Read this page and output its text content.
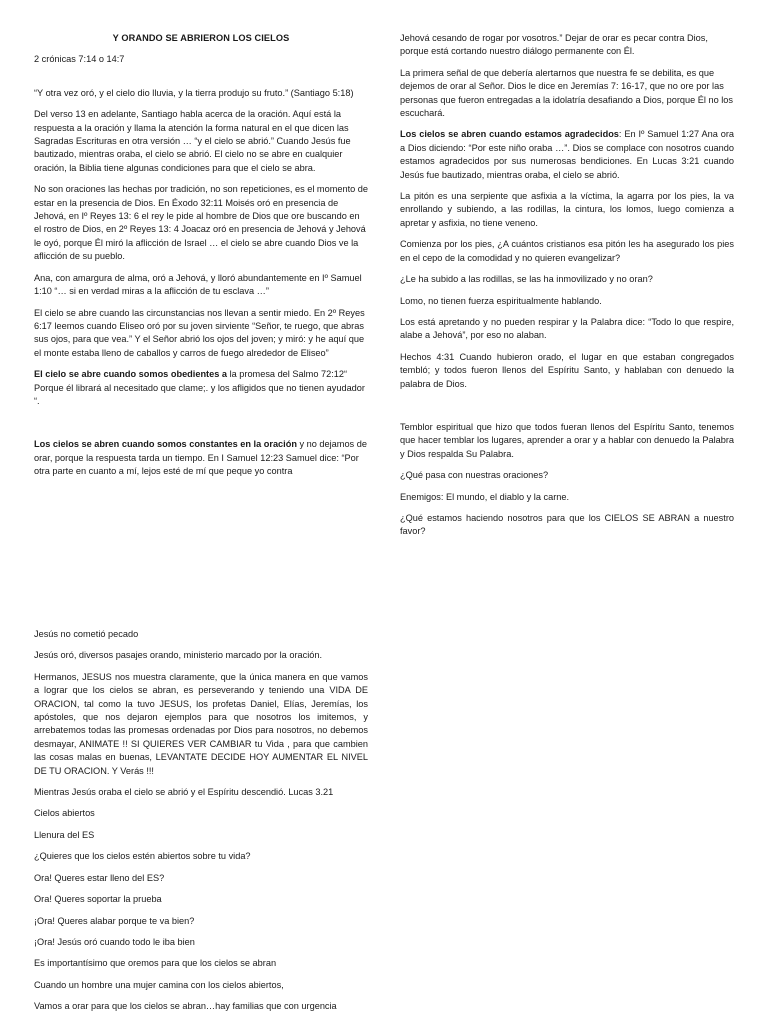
Y ORANDO SE ABRIERON LOS CIELOS

2 crónicas 7:14 o 14:7

“Y otra vez oró, y el cielo dio lluvia, y la tierra produjo su fruto.” (Santiago 5:18)

Del verso 13 en adelante, Santiago habla acerca de la oración. Aquí está la respuesta a la oración y llama la atención la forma natural en el que dicen las Sagradas Escrituras en otra versión … “y el cielo se abrió.” Cuando Jesús fue bautizado, mientras oraba, el cielo se abrió. El cielo no se abre en cualquier oración, la Biblia tiene algunas condiciones para que el cielo se abra.

No son oraciones las hechas por tradición, no son repeticiones, es el momento de estar en la presencia de Dios. En Éxodo 32:11 Moisés oró en presencia de Jehová, en Iº Reyes 13: 6 el rey le pide al hombre de Dios que ore buscando en el rostro de Dios, en 2º Reyes 13: 4 Joacaz oró en presencia de Jehová y Jehová le oyó, porque Él miró la aflicción de Israel … el cielo se abre cuando Dios ve la aflicción de su pueblo.

Ana, con amargura de alma, oró a Jehová, y lloró abundantemente en Iº Samuel 1:10 “… si en verdad miras a la aflicción de tu esclava …”

El cielo se abre cuando las circunstancias nos llevan a sentir miedo. En 2º Reyes 6:17 leemos cuando Eliseo oró por su joven sirviente “Señor, te ruego, que abras sus ojos, para que vea.” Y el Señor abrió los ojos del joven; y miró: y he aquí que el monte estaba lleno de caballos y carros de fuego alrededor de Eliseo”

El cielo se abre cuando somos obedientes a la promesa del Salmo 72:12“ Porque él librará al necesitado que clame;. y los afligidos que no tienen ayudador “.

Los cielos se abren cuando somos constantes en la oración y no dejamos de orar, porque la respuesta tarda un tiempo. En I Samuel 12:23 Samuel dice: “Por otra parte en cuanto a mí, lejos esté de mí que peque yo contra

Jehová cesando de rogar por vosotros.” Dejar de orar es pecar contra Dios, porque está cortando nuestro diálogo permanente con Él.

La primera señal de que debería alertarnos que nuestra fe se debilita, es que dejemos de orar al Señor. Dios le dice en Jeremías 7: 16-17, que no ore por las personas que fueron entregadas a la idolatría desafiando a Dios, porque Él no los escuchará.

Los cielos se abren cuando estamos agradecidos: En Iº Samuel 1:27 Ana ora a Dios diciendo: “Por este niño oraba …”. Dios se complace con nosotros cuando estamos agradecidos por sus numerosas bendiciones. En Lucas 3:21 cuando Jesús fue bautizado, mientras oraba, el cielo se abrió.

La pitón es una serpiente que asfixia a la víctima, la agarra por los pies, la va enrollando y subiendo, a las rodillas, la cintura, los lomos, luego comienza a apretar y asfixia, no tiene veneno.

Comienza por los pies, ¿A cuántos cristianos esa pitón les ha asegurado los pies en el cepo de la comodidad y no quieren evangelizar?

¿Le ha subido a las rodillas, se las ha inmovilizado y no oran?

Lomo, no tienen fuerza espiritualmente hablando.

Los está apretando y no pueden respirar y la Palabra dice: “Todo lo que respire, alabe a Jehová”, por eso no alaban.

Hechos 4:31 Cuando hubieron orado, el lugar en que estaban congregados tembló; y todos fueron llenos del Espíritu Santo, y hablaban con denuedo la palabra de Dios.

Temblor espiritual que hizo que todos fueran llenos del Espíritu Santo, tenemos que hacer temblar los lugares, aprender a orar y a hablar con denuedo la Palabra y Dios respalda Su Palabra.

¿Qué pasa con nuestras oraciones?

Enemigos: El mundo, el diablo y la carne.

¿Qué estamos haciendo nosotros para que los CIELOS SE ABRAN a nuestro favor?

Jesús no cometió pecado

Jesús oró, diversos pasajes orando, ministerio marcado por la oración.

Hermanos, JESUS nos muestra claramente, que la única manera en que vamos a lograr que los cielos se abran, es perseverando y teniendo una VIDA DE ORACION, tal como la tuvo JESUS, los profetas Daniel, Elías, Jeremías, los apóstoles, que nos dejaron ejemplos para que nosotros los imitemos, y arrebatemos todas las promesas ordenadas por Dios para nosotros, no debemos desmayar, ANIMATE !! SI QUIERES VER CAMBIAR tu Vida , para que cambien las cosas malas en buenas, LEVANTATE DECIDE HOY AUMENTAR EL NIVEL DE TU ORACION. Y Verás !!!

Mientras Jesús oraba el cielo se abrió y el Espíritu descendió. Lucas 3.21

Cielos abiertos

Llenura del ES

¿Quieres que los cielos estén abiertos sobre tu vida?

Ora! Queres estar lleno del ES?

Ora! Queres soportar la prueba

¡Ora! Queres alabar porque te va bien?

¡Ora! Jesús oró cuando todo le iba bien

Es importantísimo que oremos para que los cielos se abran

Cuando un hombre una mujer camina con los cielos abiertos,

Vamos a orar para que los cielos se abran…hay familias que con urgencia
